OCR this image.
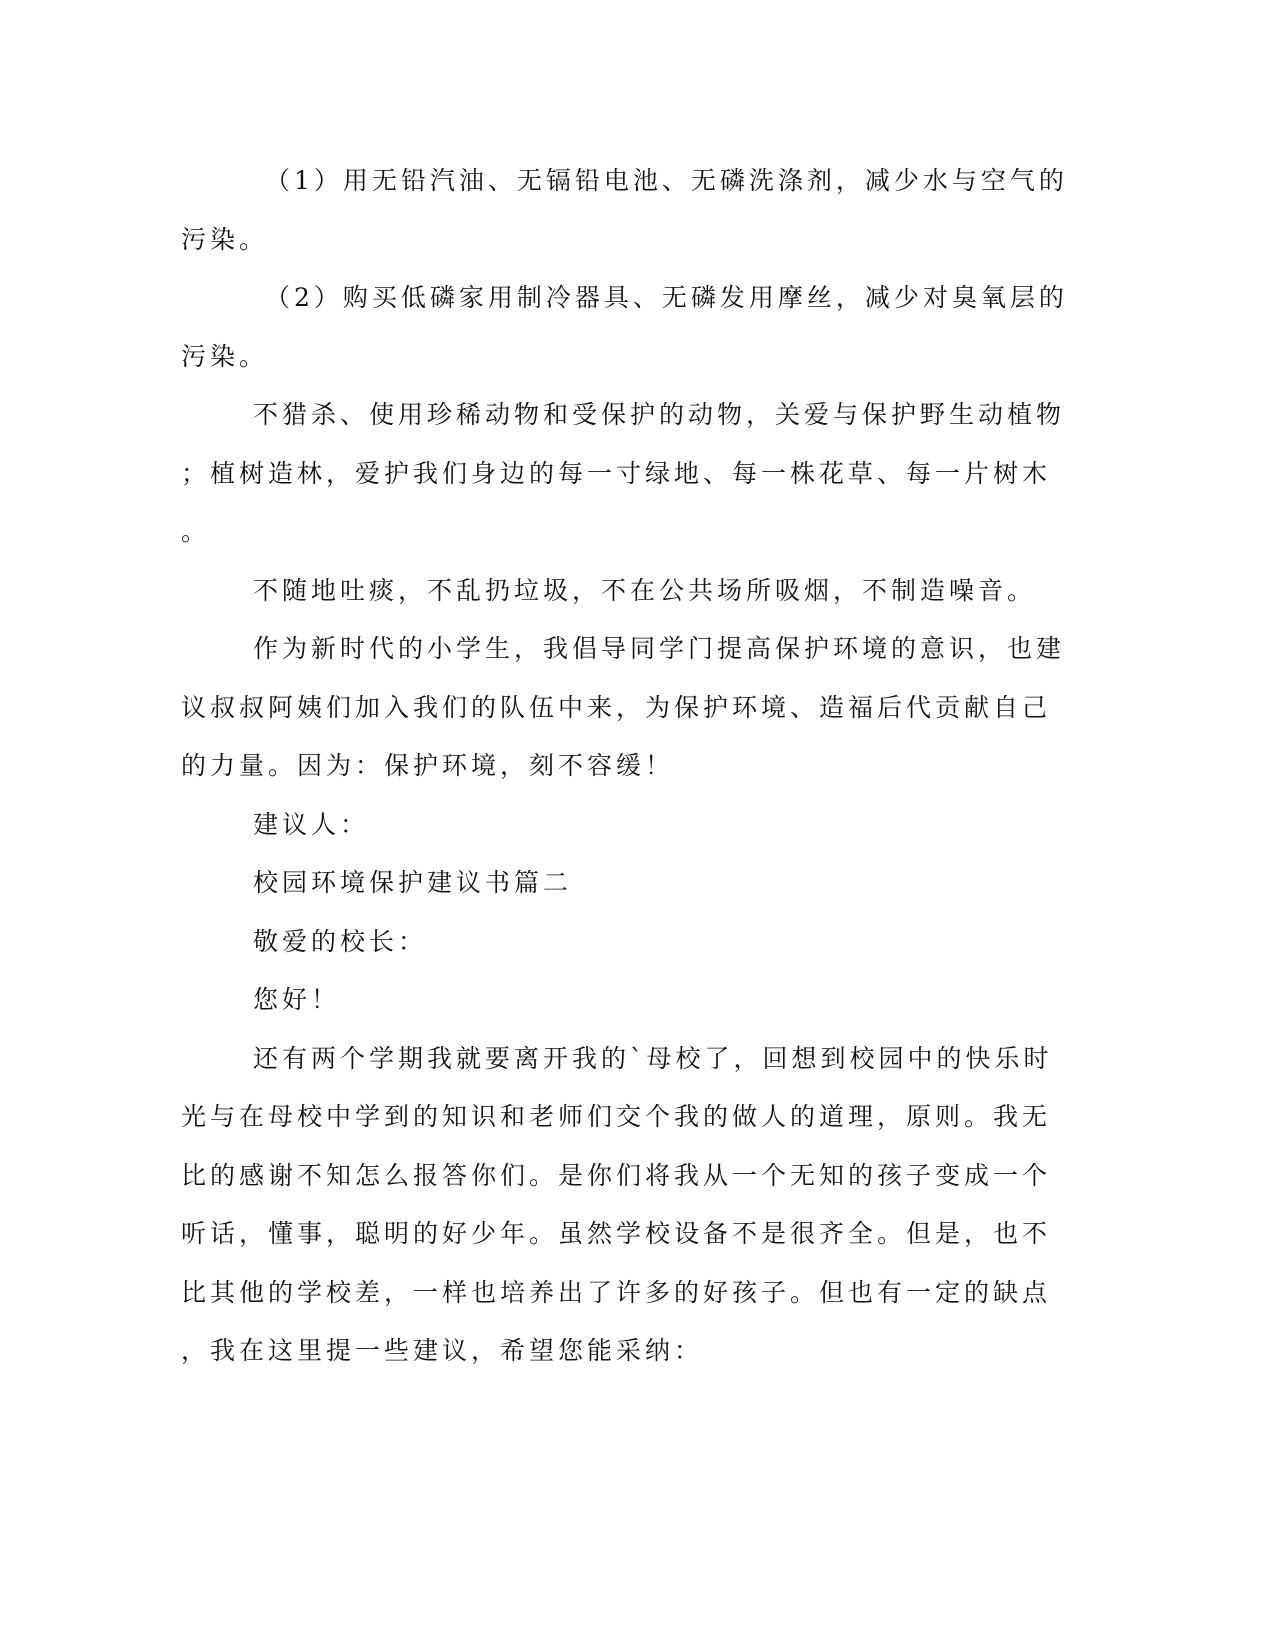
（1）用无铅汽油、无镉铅电池、无磷洗涤剂，减少水与空气的
污染。
（2）购买低磷家用制冷器具、无磷发用摩丝，减少对臭氧层的
污染。
不猎杀、使用珍稀动物和受保护的动物，关爱与保护野生动植物
；植树造林，爱护我们身边的每一寸绿地、每一株花草、每一片树木
。
不随地吐痰，不乱扔垃圾，不在公共场所吸烟，不制造噪音。
作为新时代的小学生，我倡导同学门提高保护环境的意识，也建
议叔叔阿姨们加入我们的队伍中来，为保护环境、造福后代贡献自己
的力量。因为：保护环境，刻不容缓！
建议人：
校园环境保护建议书篇二
敬爱的校长：
您好！
还有两个学期我就要离开我的`母校了，回想到校园中的快乐时
光与在母校中学到的知识和老师们交个我的做人的道理，原则。我无
比的感谢不知怎么报答你们。是你们将我从一个无知的孩子变成一个
听话，懂事，聪明的好少年。虽然学校设备不是很齐全。但是，也不
比其他的学校差，一样也培养出了许多的好孩子。但也有一定的缺点
，我在这里提一些建议，希望您能采纳：
